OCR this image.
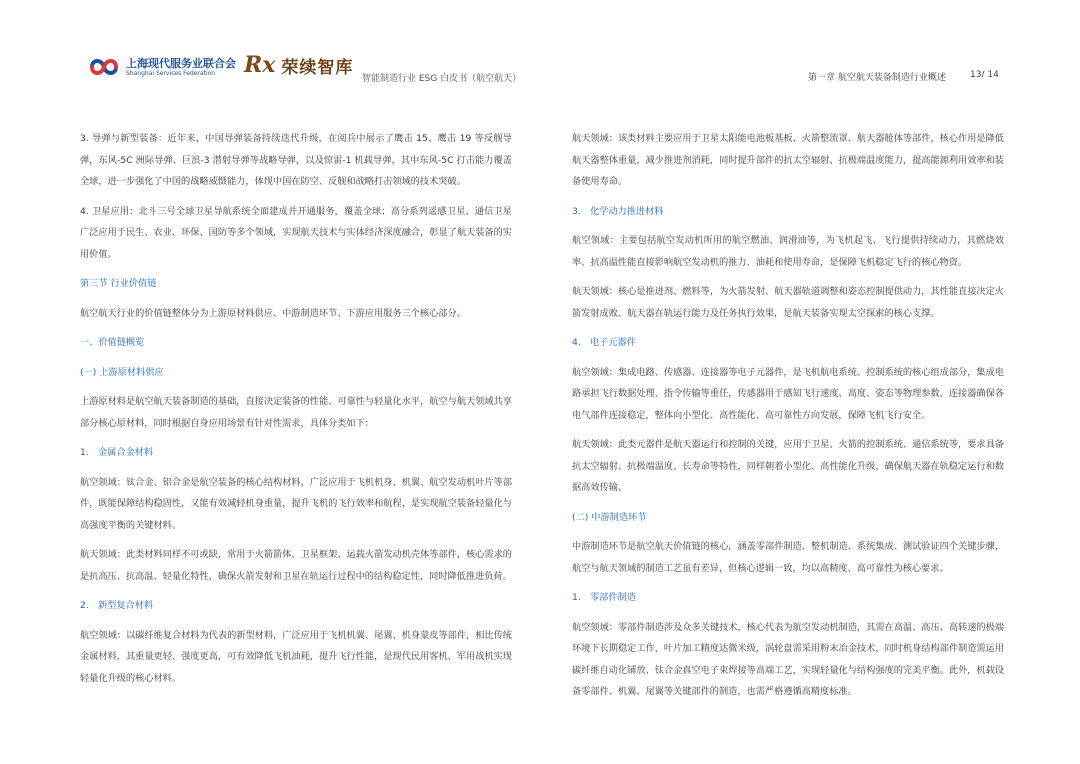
上海现代服务业联合会
Shanghai Services Federation	Rx 荣续智库
智能制造行业 ESG 白皮书（航空航天）	第一章 航空航天装备制造行业概述	13/ 14
3. 导弹与新型装备：近年来，中国导弹装备持续迭代升级，在阅兵中展示了鹰击 15、鹰击 19 等反舰导弹，东风-5C 洲际导弹、巨浪-3 潜射导弹等战略导弹，以及惊雷-1 机载导弹，其中东风-5C 打击能力覆盖全球，进一步强化了中国的战略威慑能力，体现中国在防空、反舰和战略打击领域的技术突破。
4. 卫星应用：北斗三号全球卫星导航系统全面建成并开通服务，覆盖全球；高分系列遥感卫星、通信卫星广泛应用于民生、农业、环保、国防等多个领域，实现航天技术与实体经济深度融合，彰显了航天装备的实用价值。
第三节 行业价值链
航空航天行业的价值链整体分为上游原材料供应、中游制造环节、下游应用服务三个核心部分。
一、价值链概览
(一) 上游原材料供应
上游原材料是航空航天装备制造的基础，直接决定装备的性能、可靠性与轻量化水平，航空与航天领域共享部分核心原材料，同时根据自身应用场景有针对性需求，具体分类如下：
1.　金属合金材料
航空领域：钛合金、铝合金是航空装备的核心结构材料，广泛应用于飞机机身、机翼、航空发动机叶片等部件，既能保障结构稳固性，又能有效减轻机身重量，提升飞机的飞行效率和航程，是实现航空装备轻量化与高强度平衡的关键材料。
航天领域：此类材料同样不可或缺，常用于火箭箭体、卫星框架、运载火箭发动机壳体等部件，核心需求的是抗高压、抗高温、轻量化特性，确保火箭发射和卫星在轨运行过程中的结构稳定性，同时降低推进负荷。
2.　新型复合材料
航空领域：以碳纤维复合材料为代表的新型材料，广泛应用于飞机机翼、尾翼、机身蒙皮等部件，相比传统金属材料，其重量更轻、强度更高，可有效降低飞机油耗，提升飞行性能，是现代民用客机、军用战机实现轻量化升级的核心材料。
航天领域：该类材料主要应用于卫星太阳能电池板基板、火箭整流罩、航天器舱体等部件，核心作用是降低航天器整体重量，减少推进剂消耗，同时提升部件的抗太空辐射、抗极端温度能力，提高能源利用效率和装备使用寿命。
3.　化学动力推进材料
航空领域：主要包括航空发动机所用的航空燃油、润滑油等，为飞机起飞、飞行提供持续动力，其燃烧效率、抗高温性能直接影响航空发动机的推力、油耗和使用寿命，是保障飞机稳定飞行的核心物资。
航天领域：核心是推进剂、燃料等，为火箭发射、航天器轨道调整和姿态控制提供动力，其性能直接决定火箭发射成败、航天器在轨运行能力及任务执行效果，是航天装备实现太空探索的核心支撑。
4.　电子元器件
航空领域：集成电路、传感器、连接器等电子元器件，是飞机航电系统、控制系统的核心组成部分，集成电路承担飞行数据处理、指令传输等重任，传感器用于感知飞行速度、高度、姿态等物理参数，连接器确保各电气部件连接稳定，整体向小型化、高性能化、高可靠性方向发展，保障飞机飞行安全。
航天领域：此类元器件是航天器运行和控制的关键，应用于卫星、火箭的控制系统、通信系统等，要求具备抗太空辐射、抗极端温度、长寿命等特性，同样朝着小型化、高性能化升级，确保航天器在轨稳定运行和数据高效传输。
(二) 中游制造环节
中游制造环节是航空航天价值链的核心，涵盖零部件制造、整机制造、系统集成、测试验证四个关键步骤，航空与航天领域的制造工艺虽有差异，但核心逻辑一致，均以高精度、高可靠性为核心要求。
1.　零部件制造
航空领域：零部件制造涉及众多关键技术，核心代表为航空发动机制造，其需在高温、高压、高转速的极端环境下长期稳定工作，叶片加工精度达微米级，涡轮盘需采用粉末冶金技术，同时机身结构部件制造需运用碳纤维自动化铺放、钛合金真空电子束焊接等高端工艺，实现轻量化与结构强度的完美平衡。此外，机载设备零部件、机翼、尾翼等关键部件的制造，也需严格遵循高精度标准。
